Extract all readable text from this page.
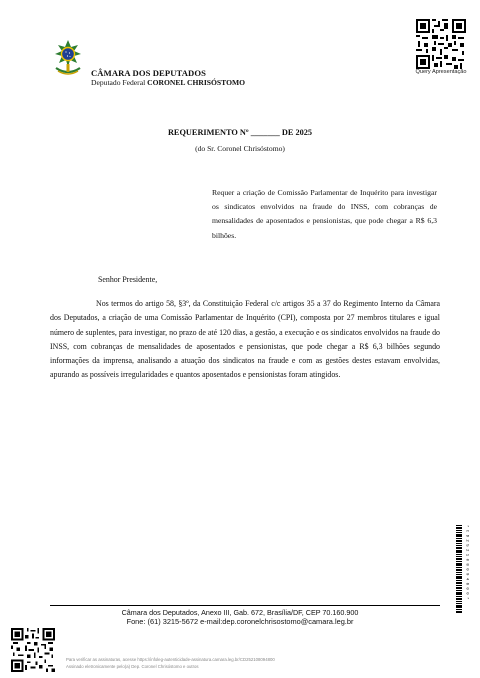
CÂMARA DOS DEPUTADOS
Deputado Federal CORONEL CHRISÓSTOMO
Query Apresentação
REQUERIMENTO Nº _______ DE 2025
(do Sr. Coronel Chrisóstomo)
Requer a criação de Comissão Parlamentar de Inquérito para investigar os sindicatos envolvidos na fraude do INSS, com cobranças de mensalidades de aposentados e pensionistas, que pode chegar a R$ 6,3 bilhões.
Senhor Presidente,
Nos termos do artigo 58, §3º, da Constituição Federal c/c artigos 35 a 37 do Regimento Interno da Câmara dos Deputados, a criação de uma Comissão Parlamentar de Inquérito (CPI), composta por 27 membros titulares e igual número de suplentes, para investigar, no prazo de até 120 dias, a gestão, a execução e os sindicatos envolvidos na fraude do INSS, com cobranças de mensalidades de aposentados e pensionistas, que pode chegar a R$ 6,3 bilhões segundo informações da imprensa, analisando a atuação dos sindicatos na fraude e com as gestões destes estavam envolvidas, apurando as possíveis irregularidades e quantos aposentados e pensionistas foram atingidos.
* C D 2 5 2 1 0 8 0 9 4 8 0 0 *
Câmara dos Deputados, Anexo III, Gab. 672, Brasília/DF, CEP 70.160.900
Fone: (61) 3215-5672 e-mail:dep.coronelchrisostomo@camara.leg.br
Para verificar as assinaturas, acesse https://infoleg-autenticidade-assinatura.camara.leg.br/CD252108094800
Assinado eletronicamente pelo(a) Dep. Coronel Chrisóstomo e outros
